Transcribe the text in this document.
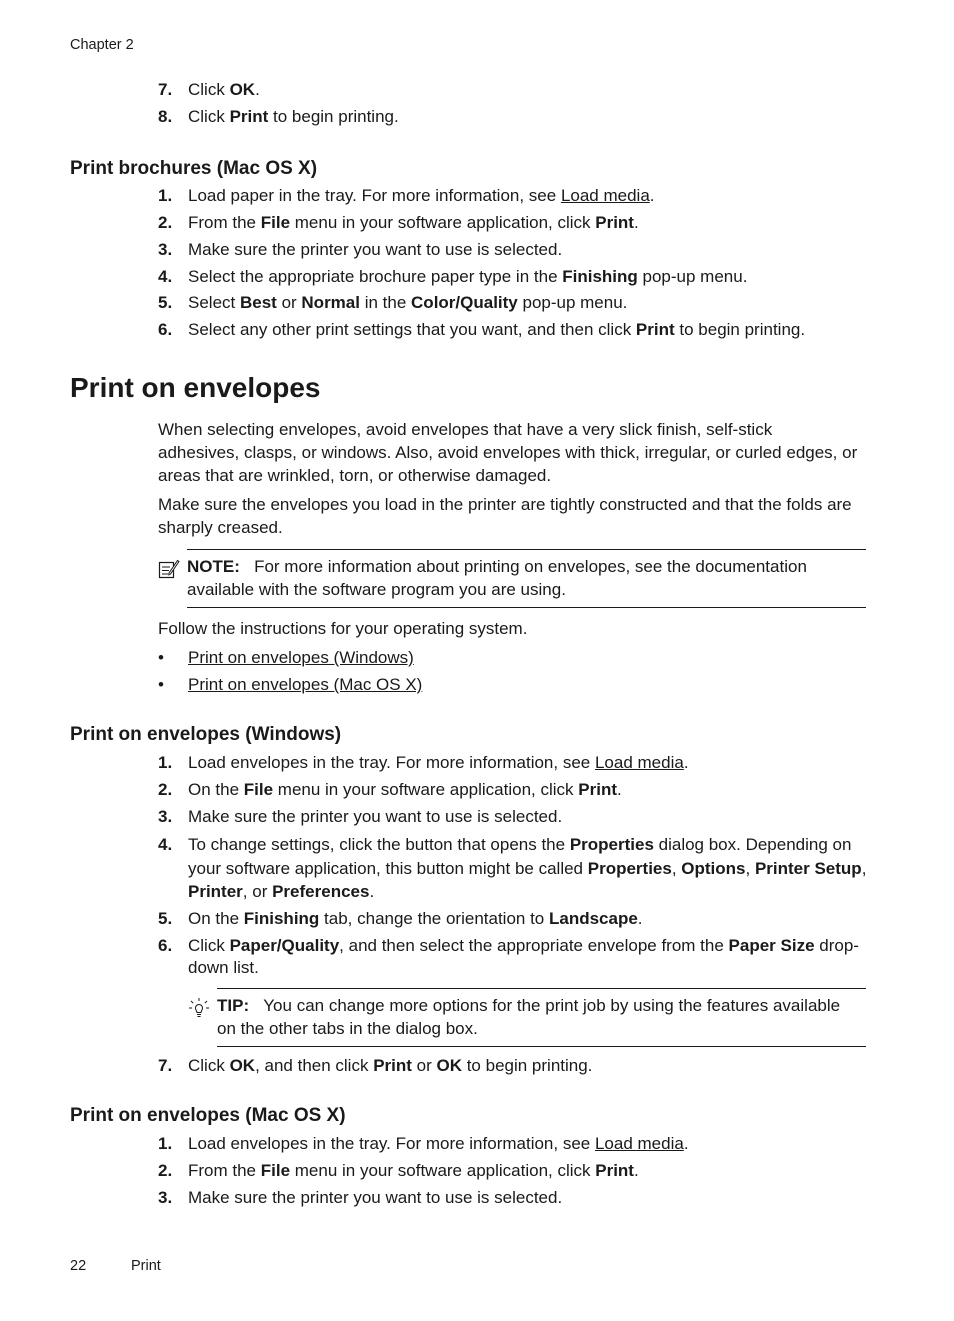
Chapter 2
7. Click OK.
8. Click Print to begin printing.
Print brochures (Mac OS X)
1. Load paper in the tray. For more information, see Load media.
2. From the File menu in your software application, click Print.
3. Make sure the printer you want to use is selected.
4. Select the appropriate brochure paper type in the Finishing pop-up menu.
5. Select Best or Normal in the Color/Quality pop-up menu.
6. Select any other print settings that you want, and then click Print to begin printing.
Print on envelopes
When selecting envelopes, avoid envelopes that have a very slick finish, self-stick adhesives, clasps, or windows. Also, avoid envelopes with thick, irregular, or curled edges, or areas that are wrinkled, torn, or otherwise damaged.
Make sure the envelopes you load in the printer are tightly constructed and that the folds are sharply creased.
NOTE: For more information about printing on envelopes, see the documentation available with the software program you are using.
Follow the instructions for your operating system.
• Print on envelopes (Windows)
• Print on envelopes (Mac OS X)
Print on envelopes (Windows)
1. Load envelopes in the tray. For more information, see Load media.
2. On the File menu in your software application, click Print.
3. Make sure the printer you want to use is selected.
4. To change settings, click the button that opens the Properties dialog box. Depending on your software application, this button might be called Properties, Options, Printer Setup, Printer, or Preferences.
5. On the Finishing tab, change the orientation to Landscape.
6. Click Paper/Quality, and then select the appropriate envelope from the Paper Size drop-down list.
TIP: You can change more options for the print job by using the features available on the other tabs in the dialog box.
7. Click OK, and then click Print or OK to begin printing.
Print on envelopes (Mac OS X)
1. Load envelopes in the tray. For more information, see Load media.
2. From the File menu in your software application, click Print.
3. Make sure the printer you want to use is selected.
22	Print
